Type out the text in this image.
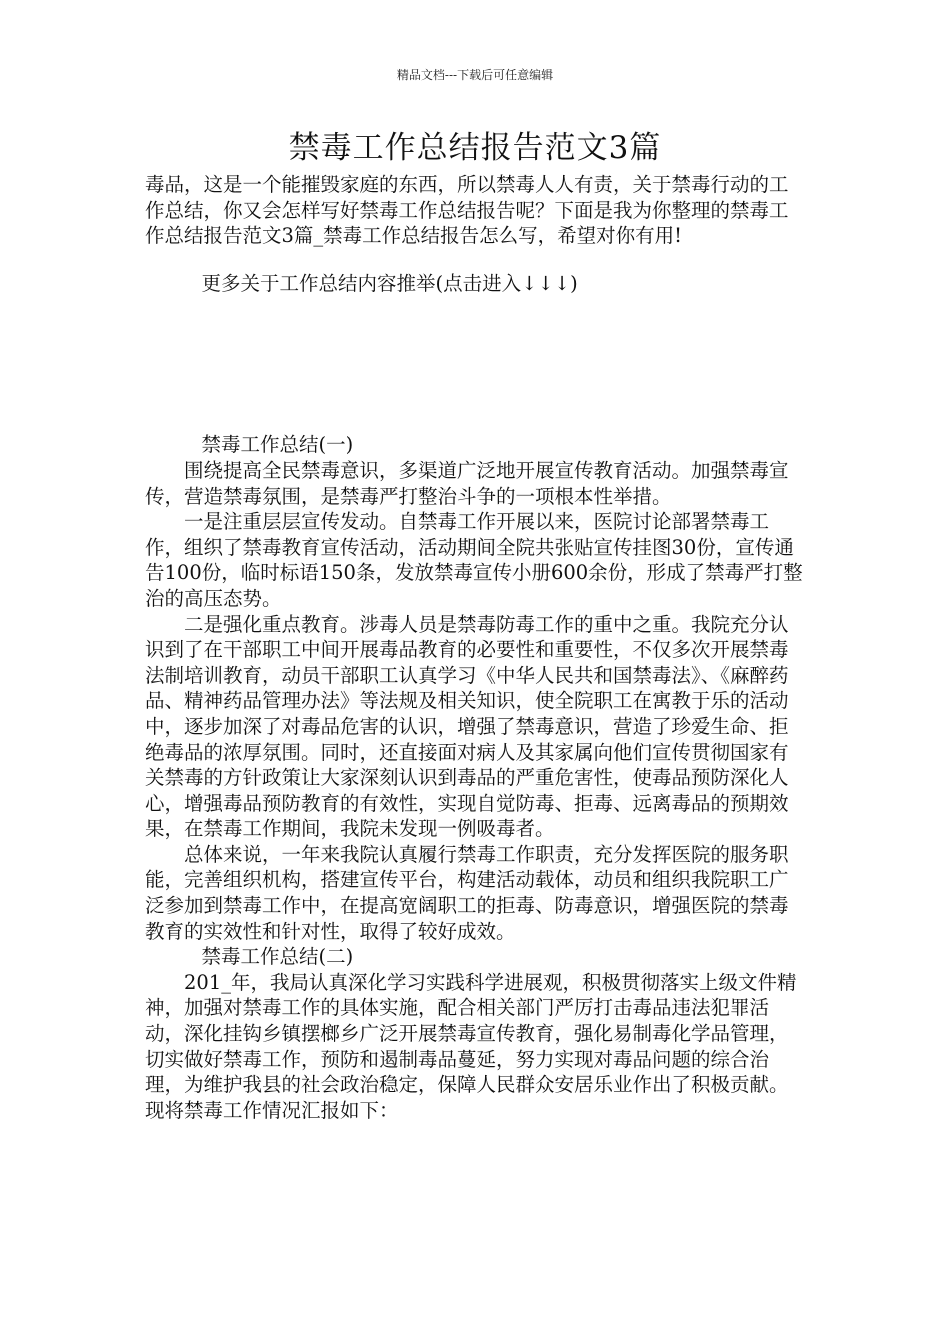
精品文档---下载后可任意编辑
禁毒工作总结报告范文3篇

毒品，这是一个能摧毁家庭的东西，所以禁毒人人有责，关于禁毒行动的工作总结，你又会怎样写好禁毒工作总结报告呢？下面是我为你整理的禁毒工作总结报告范文3篇_禁毒工作总结报告怎么写，希望对你有用!

更多关于工作总结内容推举(点击进入↓↓↓)

禁毒工作总结(一)

围绕提高全民禁毒意识，多渠道广泛地开展宣传教育活动。加强禁毒宣传，营造禁毒氛围，是禁毒严打整治斗争的一项根本性举措。

一是注重层层宣传发动。自禁毒工作开展以来，医院讨论部署禁毒工作，组织了禁毒教育宣传活动，活动期间全院共张贴宣传挂图30份，宣传通告100份，临时标语150条，发放禁毒宣传小册600余份，形成了禁毒严打整治的高压态势。

二是强化重点教育。涉毒人员是禁毒防毒工作的重中之重。我院充分认识到了在干部职工中间开展毒品教育的必要性和重要性，不仅多次开展禁毒法制培训教育，动员干部职工认真学习《中华人民共和国禁毒法》、《麻醉药品、精神药品管理办法》等法规及相关知识，使全院职工在寓教于乐的活动中，逐步加深了对毒品危害的认识，增强了禁毒意识，营造了珍爱生命、拒绝毒品的浓厚氛围。同时，还直接面对病人及其家属向他们宣传贯彻国家有关禁毒的方针政策让大家深刻认识到毒品的严重危害性，使毒品预防深化人心，增强毒品预防教育的有效性，实现自觉防毒、拒毒、远离毒品的预期效果，在禁毒工作期间，我院未发现一例吸毒者。

总体来说，一年来我院认真履行禁毒工作职责，充分发挥医院的服务职能，完善组织机构，搭建宣传平台，构建活动载体，动员和组织我院职工广泛参加到禁毒工作中，在提高宽阔职工的拒毒、防毒意识，增强医院的禁毒教育的实效性和针对性，取得了较好成效。

禁毒工作总结(二)

201_年，我局认真深化学习实践科学进展观，积极贯彻落实上级文件精神，加强对禁毒工作的具体实施，配合相关部门严厉打击毒品违法犯罪活动，深化挂钩乡镇摆榔乡广泛开展禁毒宣传教育，强化易制毒化学品管理，切实做好禁毒工作，预防和遏制毒品蔓延，努力实现对毒品问题的综合治理，为维护我县的社会政治稳定，保障人民群众安居乐业作出了积极贡献。现将禁毒工作情况汇报如下：
